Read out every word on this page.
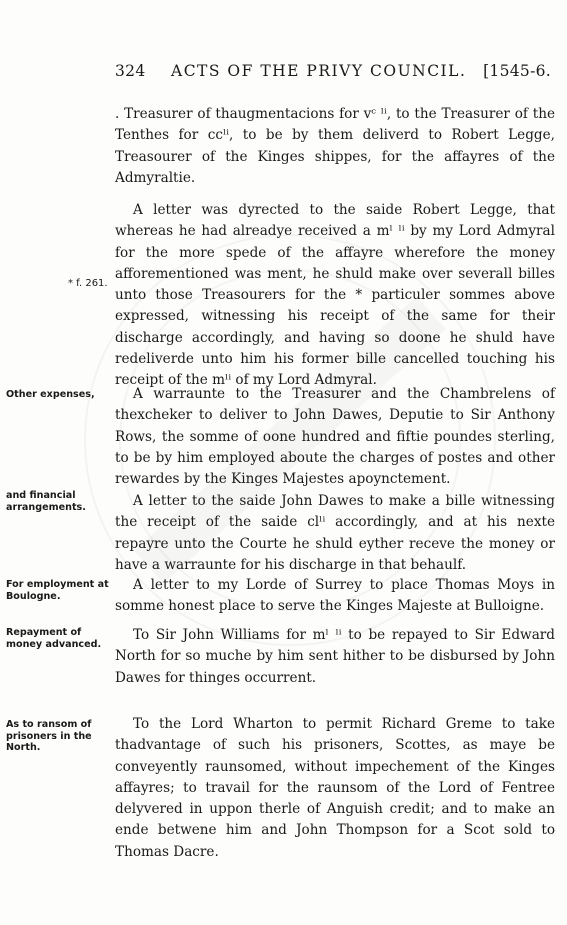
324 ACTS OF THE PRIVY COUNCIL. [1545-6.

. Treasurer of thaugmentacions for vᶜ ˡⁱ, to the Treasurer of the Tenthes for ccˡⁱ, to be by them deliverd to Robert Legge, Treasourer of the Kinges shippes, for the affayres of the Admyraltie.

A letter was dyrected to the saide Robert Legge, that whereas he had alreadye received a mˡ ˡⁱ by my Lord Admyral for the more spede of the affayre wherefore the money afforementioned was ment, he shuld make over severall billes unto those Treasourers for the * particuler sommes above expressed, witnessing his receipt of the same for their discharge accordingly, and having so doone he shuld have redeliverde unto him his former bille cancelled touching his receipt of the mˡⁱ of my Lord Admyral.

* f. 261.

A warraunte to the Treasurer and the Chambrelens of thexcheker to deliver to John Dawes, Deputie to Sir Anthony Rows, the somme of oone hundred and fiftie poundes sterling, to be by him employed aboute the charges of postes and other rewardes by the Kinges Majestes apoynctement.

Other expenses,

A letter to the saide John Dawes to make a bille witnessing the receipt of the saide clˡⁱ accordingly, and at his nexte repayre unto the Courte he shuld eyther receve the money or have a warraunte for his discharge in that behaulf.

and financial arrangements.

A letter to my Lorde of Surrey to place Thomas Moys in somme honest place to serve the Kinges Majeste at Bulloigne.

For employment at Boulogne.

To Sir John Williams for mˡ ˡⁱ to be repayed to Sir Edward North for so muche by him sent hither to be disbursed by John Dawes for thinges occurrent.

Repayment of money advanced.

To the Lord Wharton to permit Richard Greme to take thadvantage of such his prisoners, Scottes, as maye be conveyently raunsomed, without impechement of the Kinges affayres; to travail for the raunsom of the Lord of Fentree delyvered in uppon therle of Anguish credit; and to make an ende betwene him and John Thompson for a Scot sold to Thomas Dacre.

As to ransom of prisoners in the North.
